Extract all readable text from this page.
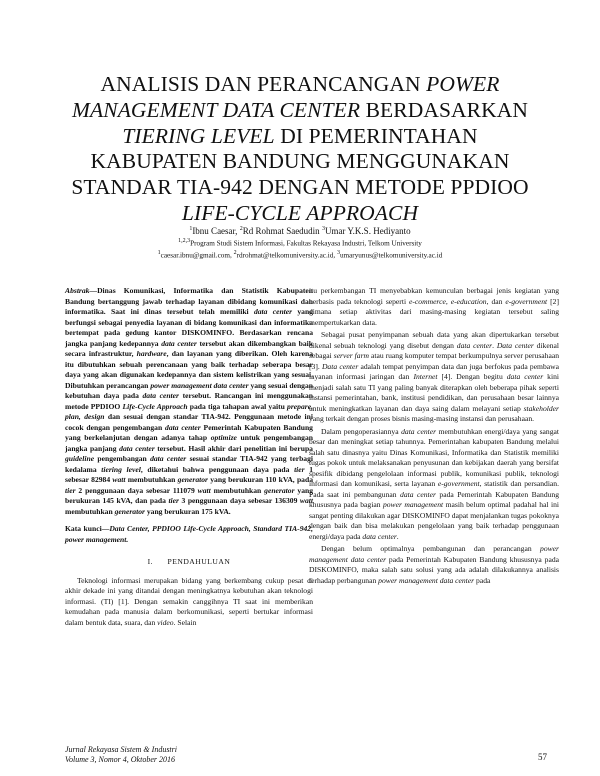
ANALISIS DAN PERANCANGAN POWER
MANAGEMENT DATA CENTER BERDASARKAN
TIERING LEVEL DI PEMERINTAHAN
KABUPATEN BANDUNG MENGGUNAKAN
STANDAR TIA-942 DENGAN METODE PPDIOO
LIFE-CYCLE APPROACH
$^1$Ibnu Caesar, $^2$Rd Rohmat Saedudin $^3$Umar Y.K.S. Hediyanto
$^{1,2,3}$Program Studi Sistem Informasi, Fakultas Rekayasa Industri, Telkom University
$^1$caesar.ibnu@gmail.com, $^2$rdrohmat@telkomuniversity.ac.id, $^3$umaryunus@telkomuniversity.ac.id

Abstrak—Dinas Komunikasi, Informatika dan Statistik Kabupaten Bandung bertanggung jawab terhadap layanan dibidang komunikasi dan informatika. Saat ini dinas tersebut telah memiliki data center yang berfungsi sebagai penyedia layanan di bidang komunikasi dan informatika bertempat pada gedung kantor DISKOMINFO. Berdasarkan rencana jangka panjang kedepannya data center tersebut akan dikembangkan baik secara infrastruktur, hardware, dan layanan yang diberikan. Oleh karena itu dibutuhkan sebuah perencanaan yang baik terhadap seberapa besar daya yang akan digunakan kedepannya dan sistem kelistrikan yang sesuai. Dibutuhkan perancangan power management data center yang sesuai dengan kebutuhan daya pada data center tersebut. Rancangan ini menggunakan metode PPDIOO Life-Cycle Approach pada tiga tahapan awal yaitu prepare, plan, design dan sesuai dengan standar TIA-942. Penggunaan metode ini cocok dengan pengembangan data center Pemerintah Kabupaten Bandung yang berkelanjutan dengan adanya tahap optimize untuk pengembangan jangka panjang data center tersebut. Hasil akhir dari penelitian ini berupa guideline pengembangan data center sesuai standar TIA-942 yang terbagi kedalama tiering level, diketahui bahwa penggunaan daya pada tier 1 sebesar 82984 watt membutuhkan generator yang berukuran 110 kVA, pada tier 2 penggunaan daya sebesar 111079 watt membutuhkan generator yang berukuran 145 kVA, dan pada tier 3 penggunaan daya sebesar 136309 watt membutuhkan generator yang berukuran 175 kVA.

Kata kunci—Data Center, PPDIOO Life-Cycle Approach, Standard TIA-942, power management.

I. PENDAHULUAN

Teknologi informasi merupakan bidang yang berkembang cukup pesat di akhir dekade ini yang ditandai dengan meningkatnya kebutuhan akan teknologi informasi. (TI) [1]. Dengan semakin canggihnya TI saat ini memberikan kemudahan pada manusia dalam berkomunikasi, seperti bertukar informasi dalam bentuk data, suara, dan video. Selain

itu perkembangan TI menyebabkan kemunculan berbagai jenis kegiatan yang berbasis pada teknologi seperti e-commerce, e-education, dan e-government [2] dimana setiap aktivitas dari masing-masing kegiatan tersebut saling mempertukarkan data.

Sebagai pusat penyimpanan sebuah data yang akan dipertukarkan tersebut dikenal sebuah teknologi yang disebut dengan data center. Data center dikenal sebagai server farm atau ruang komputer tempat berkumpulnya server perusahaan [3]. Data center adalah tempat penyimpan data dan juga berfokus pada pembawa layanan informasi jaringan dan Internet [4]. Dengan begitu data center kini menjadi salah satu TI yang paling banyak diterapkan oleh beberapa pihak seperti instansi pemerintahan, bank, institusi pendidikan, dan perusahaan besar lainnya untuk meningkatkan layanan dan daya saing dalam melayani setiap stakeholder yang terkait dengan proses bisnis masing-masing instansi dan perusahaan.

Dalam pengoperasiannya data center membutuhkan energi/daya yang sangat besar dan meningkat setiap tahunnya. Pemerintahan kabupaten Bandung melalui salah satu dinasnya yaitu Dinas Komunikasi, Informatika dan Statistik memiliki tugas pokok untuk melaksanakan penyusunan dan kebijakan daerah yang bersifat spesifik dibidang pengelolaan informasi publik, komunikasi publik, teknologi informasi dan komunikasi, serta layanan e-government, statistik dan persandian. Pada saat ini pembangunan data center pada Pemerintah Kabupaten Bandung khususnya pada bagian power management masih belum optimal padahal hal ini sangat penting dilakukan agar DISKOMINFO dapat menjalankan tugas pokoknya dengan baik dan bisa melakukan pengelolaan yang baik terhadap penggunaan energi/daya pada data center.

Dengan belum optimalnya pembangunan dan perancangan power management data center pada Pemerintah Kabupaten Bandung khususnya pada DISKOMINFO, maka salah satu solusi yang ada adalah dilakukannya analisis terhadap perbangunan power management data center pada

Jurnal Rekayasa Sistem & Industri
Volume 3, Nomor 4, Oktober 2016	57
